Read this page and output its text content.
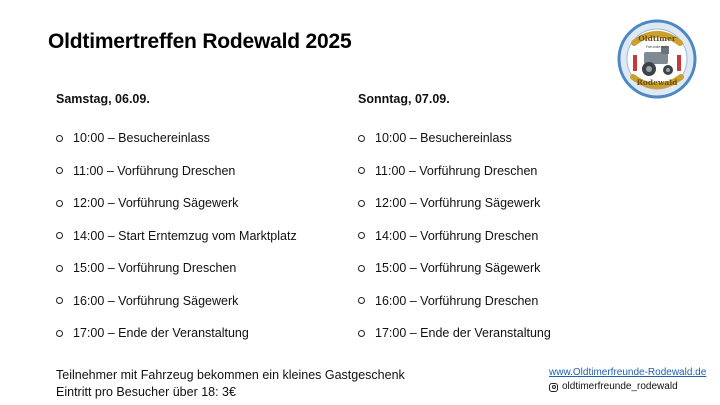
Oldtimertreffen Rodewald 2025	Oldtimer
Freunde e.V.
Rodewald
Samstag, 06.09.
10:00 – Besuchereinlass
11:00 – Vorführung Dreschen
12:00 – Vorführung Sägewerk
14:00 – Start Erntemzug vom Marktplatz
15:00 – Vorführung Dreschen
16:00 – Vorführung Sägewerk
17:00 – Ende der Veranstaltung
Sonntag, 07.09.
10:00 – Besuchereinlass
11:00 – Vorführung Dreschen
12:00 – Vorführung Sägewerk
14:00 – Vorführung Dreschen
15:00 – Vorführung Sägewerk
16:00 – Vorführung Dreschen
17:00 – Ende der Veranstaltung
Teilnehmer mit Fahrzeug bekommen ein kleines Gastgeschenk
Eintritt pro Besucher über 18: 3€
www.Oldtimerfreunde-Rodewald.de
oldtimerfreunde_rodewald
